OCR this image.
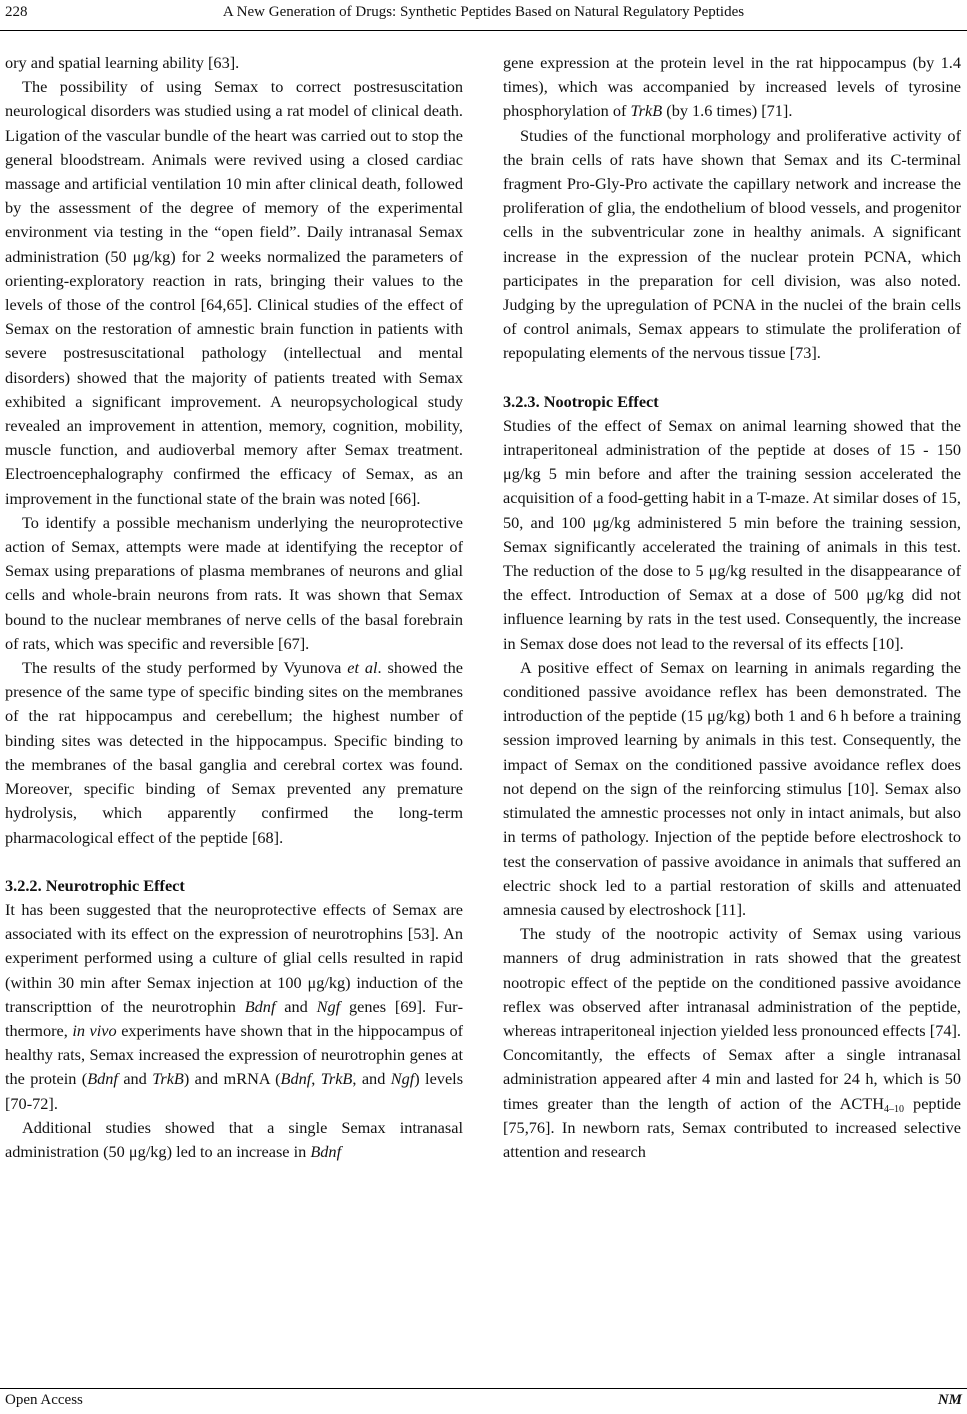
228	A New Generation of Drugs: Synthetic Peptides Based on Natural Regulatory Peptides

ory and spatial learning ability [63].

The possibility of using Semax to correct postresuscitation neurological disorders was studied using a rat model of clinical death. Ligation of the vascular bundle of the heart was carried out to stop the general bloodstream. Animals were revived using a closed cardiac massage and artificial ventilation 10 min after clinical death, followed by the assessment of the degree of memory of the experimental environment via testing in the “open field”. Daily intranasal Semax administration (50 μg/kg) for 2 weeks normalized the parameters of orienting-exploratory reaction in rats, bringing their values to the levels of those of the control [64,65]. Clinical studies of the effect of Semax on the restoration of amnestic brain function in patients with severe postresuscitational pathology (intellectual and mental disorders) showed that the majority of patients treated with Semax exhibited a significant improvement. A neuropsychological study revealed an improvement in attention, memory, cognition, mobility, muscle function, and audioverbal memory after Semax treatment. Electroencephalography confirmed the efficacy of Semax, as an improvement in the functional state of the brain was noted [66].

To identify a possible mechanism underlying the neuroprotective action of Semax, attempts were made at identifying the receptor of Semax using preparations of plasma membranes of neurons and glial cells and whole-brain neurons from rats. It was shown that Semax bound to the nuclear membranes of nerve cells of the basal forebrain of rats, which was specific and reversible [67].

The results of the study performed by Vyunova et al. showed the presence of the same type of specific binding sites on the membranes of the rat hippocampus and cerebellum; the highest number of binding sites was detected in the hippocampus. Specific binding to the membranes of the basal ganglia and cerebral cortex was found. Moreover, specific binding of Semax prevented any premature hydrolysis, which apparently confirmed the long-term pharmacological effect of the peptide [68].

3.2.2. Neurotrophic Effect

It has been suggested that the neuroprotective effects of Semax are associated with its effect on the expression of neurotrophins [53]. An experiment performed using a culture of glial cells resulted in rapid (within 30 min after Semax injection at 100 μg/kg) induction of the transcripttion of the neurotrophin Bdnf and Ngf genes [69]. Furthermore, in vivo experiments have shown that in the hippocampus of healthy rats, Semax increased the expression of neurotrophin genes at the protein (Bdnf and TrkB) and mRNA (Bdnf, TrkB, and Ngf) levels [70-72].

Additional studies showed that a single Semax intranasal administration (50 μg/kg) led to an increase in Bdnf

gene expression at the protein level in the rat hippocampus (by 1.4 times), which was accompanied by increased levels of tyrosine phosphorylation of TrkB (by 1.6 times) [71].

Studies of the functional morphology and proliferative activity of the brain cells of rats have shown that Semax and its C-terminal fragment Pro-Gly-Pro activate the capillary network and increase the proliferation of glia, the endothelium of blood vessels, and progenitor cells in the subventricular zone in healthy animals. A significant increase in the expression of the nuclear protein PCNA, which participates in the preparation for cell division, was also noted. Judging by the upregulation of PCNA in the nuclei of the brain cells of control animals, Semax appears to stimulate the proliferation of repopulating elements of the nervous tissue [73].

3.2.3. Nootropic Effect

Studies of the effect of Semax on animal learning showed that the intraperitoneal administration of the peptide at doses of 15 - 150 μg/kg 5 min before and after the training session accelerated the acquisition of a food-getting habit in a T-maze. At similar doses of 15, 50, and 100 μg/kg administered 5 min before the training session, Semax significantly accelerated the training of animals in this test. The reduction of the dose to 5 μg/kg resulted in the disappearance of the effect. Introduction of Semax at a dose of 500 μg/kg did not influence learning by rats in the test used. Consequently, the increase in Semax dose does not lead to the reversal of its effects [10].

A positive effect of Semax on learning in animals regarding the conditioned passive avoidance reflex has been demonstrated. The introduction of the peptide (15 μg/kg) both 1 and 6 h before a training session improved learning by animals in this test. Consequently, the impact of Semax on the conditioned passive avoidance reflex does not depend on the sign of the reinforcing stimulus [10]. Semax also stimulated the amnestic processes not only in intact animals, but also in terms of pathology. Injection of the peptide before electroshock to test the conservation of passive avoidance in animals that suffered an electric shock led to a partial restoration of skills and attenuated amnesia caused by electroshock [11].

The study of the nootropic activity of Semax using various manners of drug administration in rats showed that the greatest nootropic effect of the peptide on the conditioned passive avoidance reflex was observed after intranasal administration of the peptide, whereas intraperitoneal injection yielded less pronounced effects [74]. Concomitantly, the effects of Semax after a single intranasal administration appeared after 4 min and lasted for 24 h, which is 50 times greater than the length of action of the $ACTH_{4-10}$ peptide [75,76]. In newborn rats, Semax contributed to increased selective attention and research

Open Access	NM
